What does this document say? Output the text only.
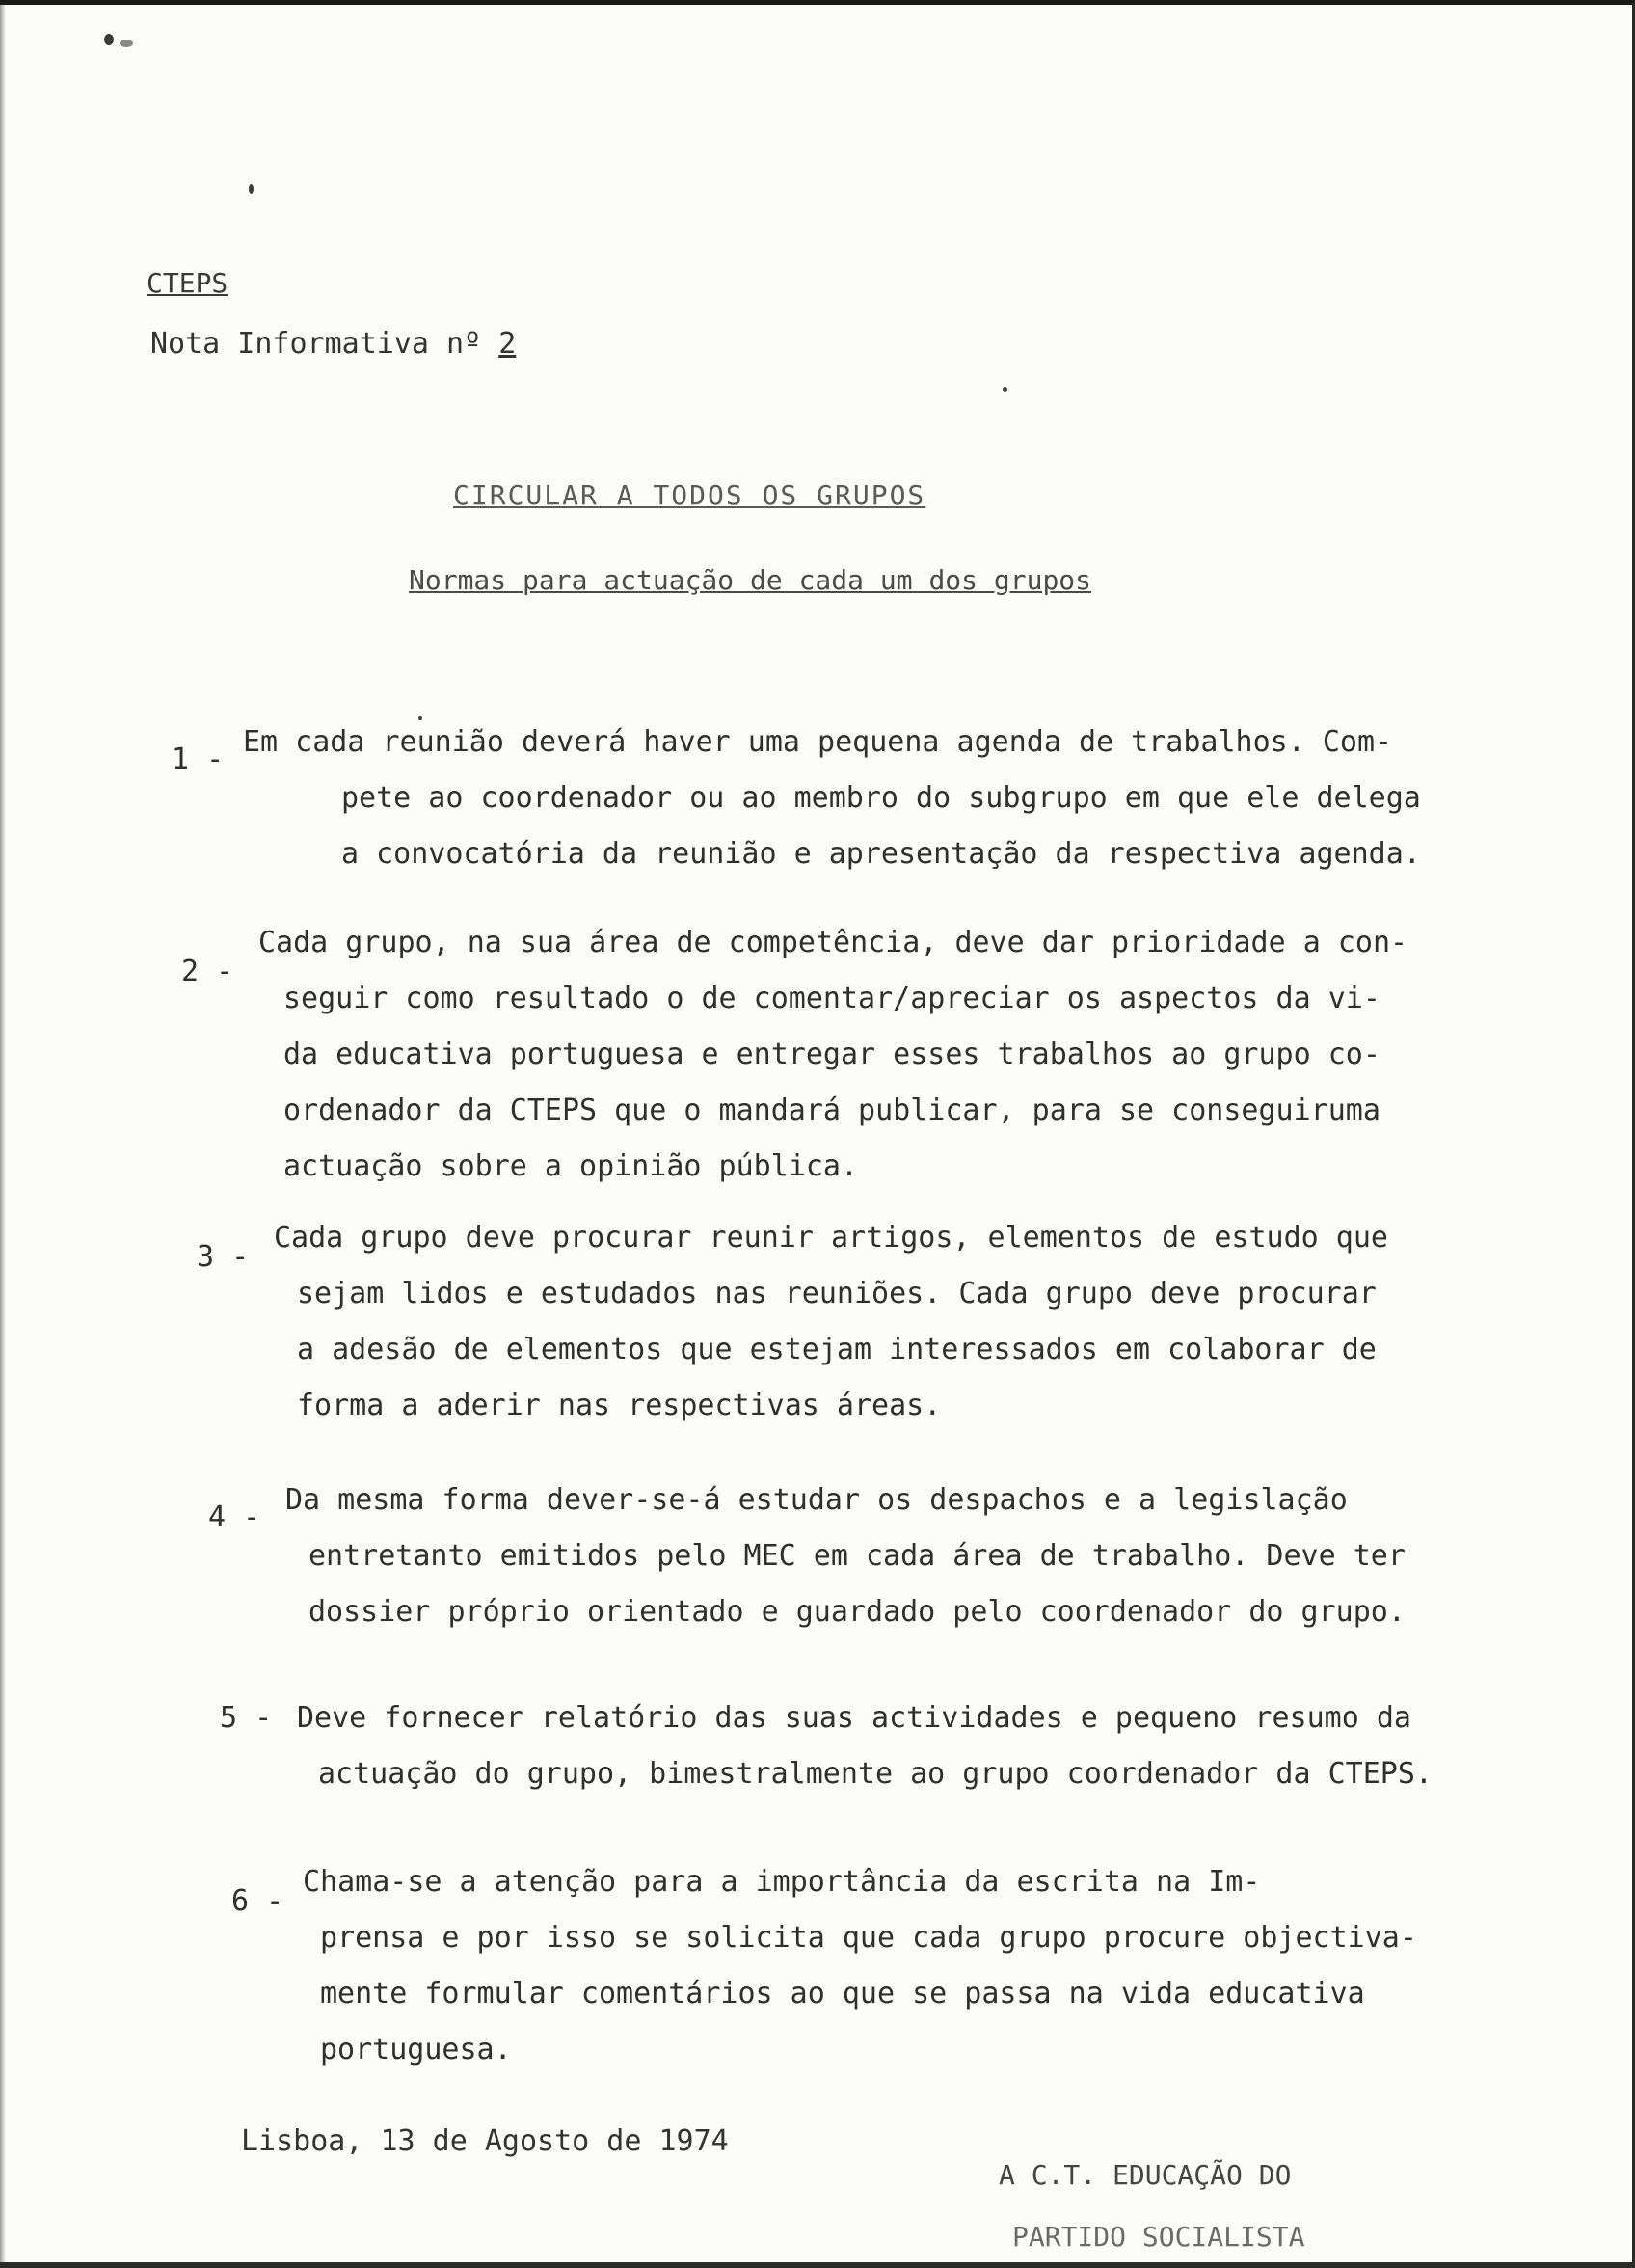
CTEPS
Nota Informativa nº 2
CIRCULAR A TODOS OS GRUPOS
Normas para actuação de cada um dos grupos
1 -
Em cada reunião deverá haver uma pequena agenda de trabalhos. Com-
pete ao coordenador ou ao membro do subgrupo em que ele delega
a convocatória da reunião e apresentação da respectiva agenda.
2 -
Cada grupo, na sua área de competência, deve dar prioridade a con-
seguir como resultado o de comentar/apreciar os aspectos da vi-
da educativa portuguesa e entregar esses trabalhos ao grupo co-
ordenador da CTEPS que o mandará publicar, para se conseguiruma
actuação sobre a opinião pública.
3 -
Cada grupo deve procurar reunir artigos, elementos de estudo que
sejam lidos e estudados nas reuniões. Cada grupo deve procurar
a adesão de elementos que estejam interessados em colaborar de
forma a aderir nas respectivas áreas.
4 -
Da mesma forma dever-se-á estudar os despachos e a legislação
entretanto emitidos pelo MEC em cada área de trabalho. Deve ter
dossier próprio orientado e guardado pelo coordenador do grupo.
5 - Deve fornecer relatório das suas actividades e pequeno resumo da
actuação do grupo, bimestralmente ao grupo coordenador da CTEPS.
6 -
Chama-se a atenção para a importância da escrita na Im-
prensa e por isso se solicita que cada grupo procure objectiva-
mente formular comentários ao que se passa na vida educativa
portuguesa.
Lisboa, 13 de Agosto de 1974
A C.T. EDUCAÇÃO DO
PARTIDO SOCIALISTA
